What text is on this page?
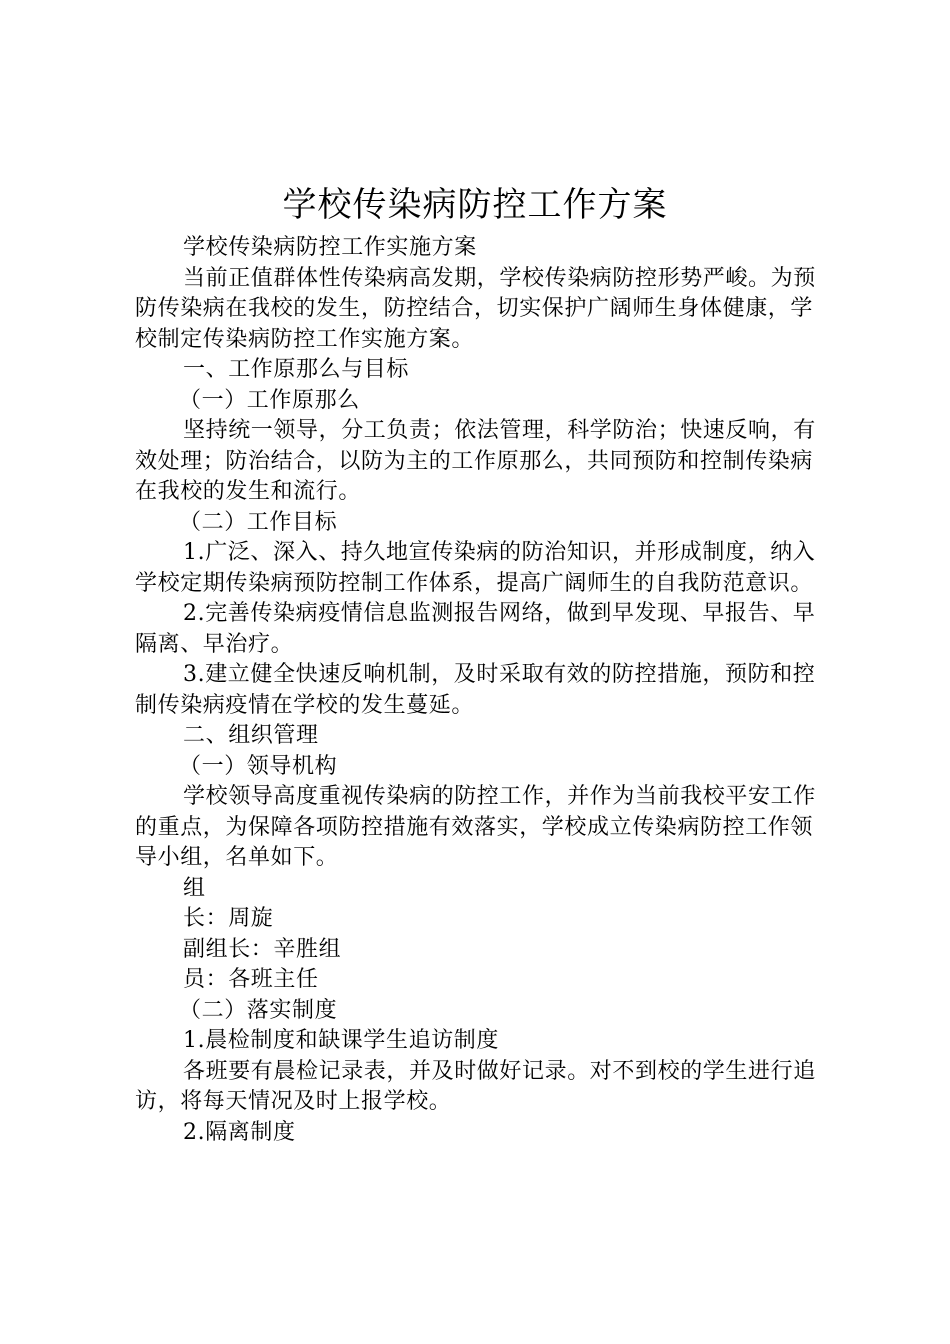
学校传染病防控工作方案

学校传染病防控工作实施方案

当前正值群体性传染病高发期，学校传染病防控形势严峻。为预防传染病在我校的发生，防控结合，切实保护广阔师生身体健康，学校制定传染病防控工作实施方案。

一、工作原那么与目标

（一）工作原那么

坚持统一领导，分工负责；依法管理，科学防治；快速反响，有效处理；防治结合，以防为主的工作原那么，共同预防和控制传染病在我校的发生和流行。

（二）工作目标

1.广泛、深入、持久地宣传染病的防治知识，并形成制度，纳入学校定期传染病预防控制工作体系，提高广阔师生的自我防范意识。

2.完善传染病疫情信息监测报告网络，做到早发现、早报告、早隔离、早治疗。

3.建立健全快速反响机制，及时采取有效的防控措施，预防和控制传染病疫情在学校的发生蔓延。

二、组织管理

（一）领导机构

学校领导高度重视传染病的防控工作，并作为当前我校平安工作的重点，为保障各项防控措施有效落实，学校成立传染病防控工作领导小组，名单如下。

组

长：周旋

副组长：辛胜组

员：各班主任

（二）落实制度

1.晨检制度和缺课学生追访制度

各班要有晨检记录表，并及时做好记录。对不到校的学生进行追访，将每天情况及时上报学校。

2.隔离制度
